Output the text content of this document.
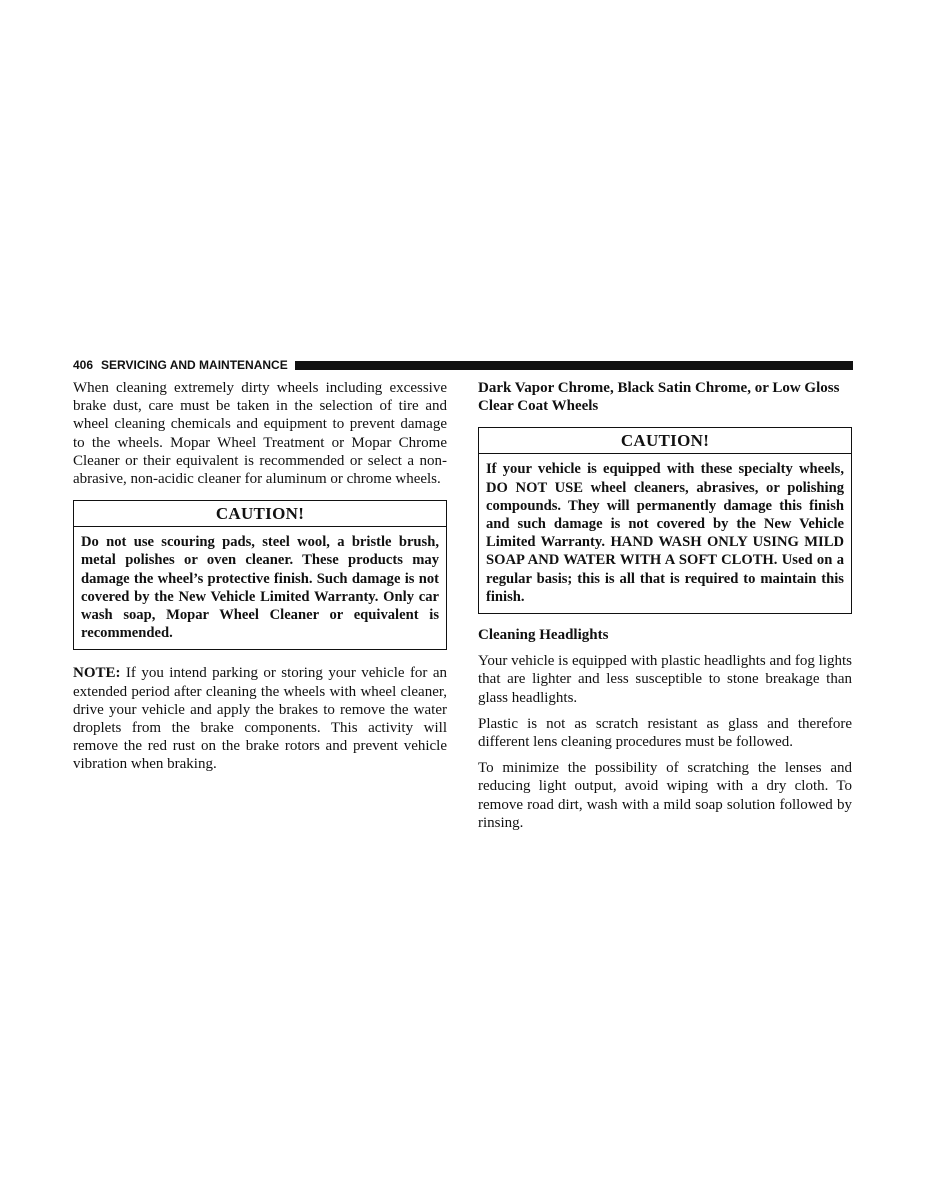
406 SERVICING AND MAINTENANCE

When cleaning extremely dirty wheels including excessive brake dust, care must be taken in the selection of tire and wheel cleaning chemicals and equipment to prevent damage to the wheels. Mopar Wheel Treatment or Mopar Chrome Cleaner or their equivalent is recommended or select a non-abrasive, non-acidic cleaner for aluminum or chrome wheels.

CAUTION!
Do not use scouring pads, steel wool, a bristle brush, metal polishes or oven cleaner. These products may damage the wheel’s protective finish. Such damage is not covered by the New Vehicle Limited Warranty. Only car wash soap, Mopar Wheel Cleaner or equivalent is recommended.

NOTE: If you intend parking or storing your vehicle for an extended period after cleaning the wheels with wheel cleaner, drive your vehicle and apply the brakes to remove the water droplets from the brake components. This activity will remove the red rust on the brake rotors and prevent vehicle vibration when braking.

Dark Vapor Chrome, Black Satin Chrome, or Low Gloss Clear Coat Wheels

CAUTION!
If your vehicle is equipped with these specialty wheels, DO NOT USE wheel cleaners, abrasives, or polishing compounds. They will permanently damage this finish and such damage is not covered by the New Vehicle Limited Warranty. HAND WASH ONLY USING MILD SOAP AND WATER WITH A SOFT CLOTH. Used on a regular basis; this is all that is required to maintain this finish.

Cleaning Headlights

Your vehicle is equipped with plastic headlights and fog lights that are lighter and less susceptible to stone breakage than glass headlights.

Plastic is not as scratch resistant as glass and therefore different lens cleaning procedures must be followed.

To minimize the possibility of scratching the lenses and reducing light output, avoid wiping with a dry cloth. To remove road dirt, wash with a mild soap solution followed by rinsing.
